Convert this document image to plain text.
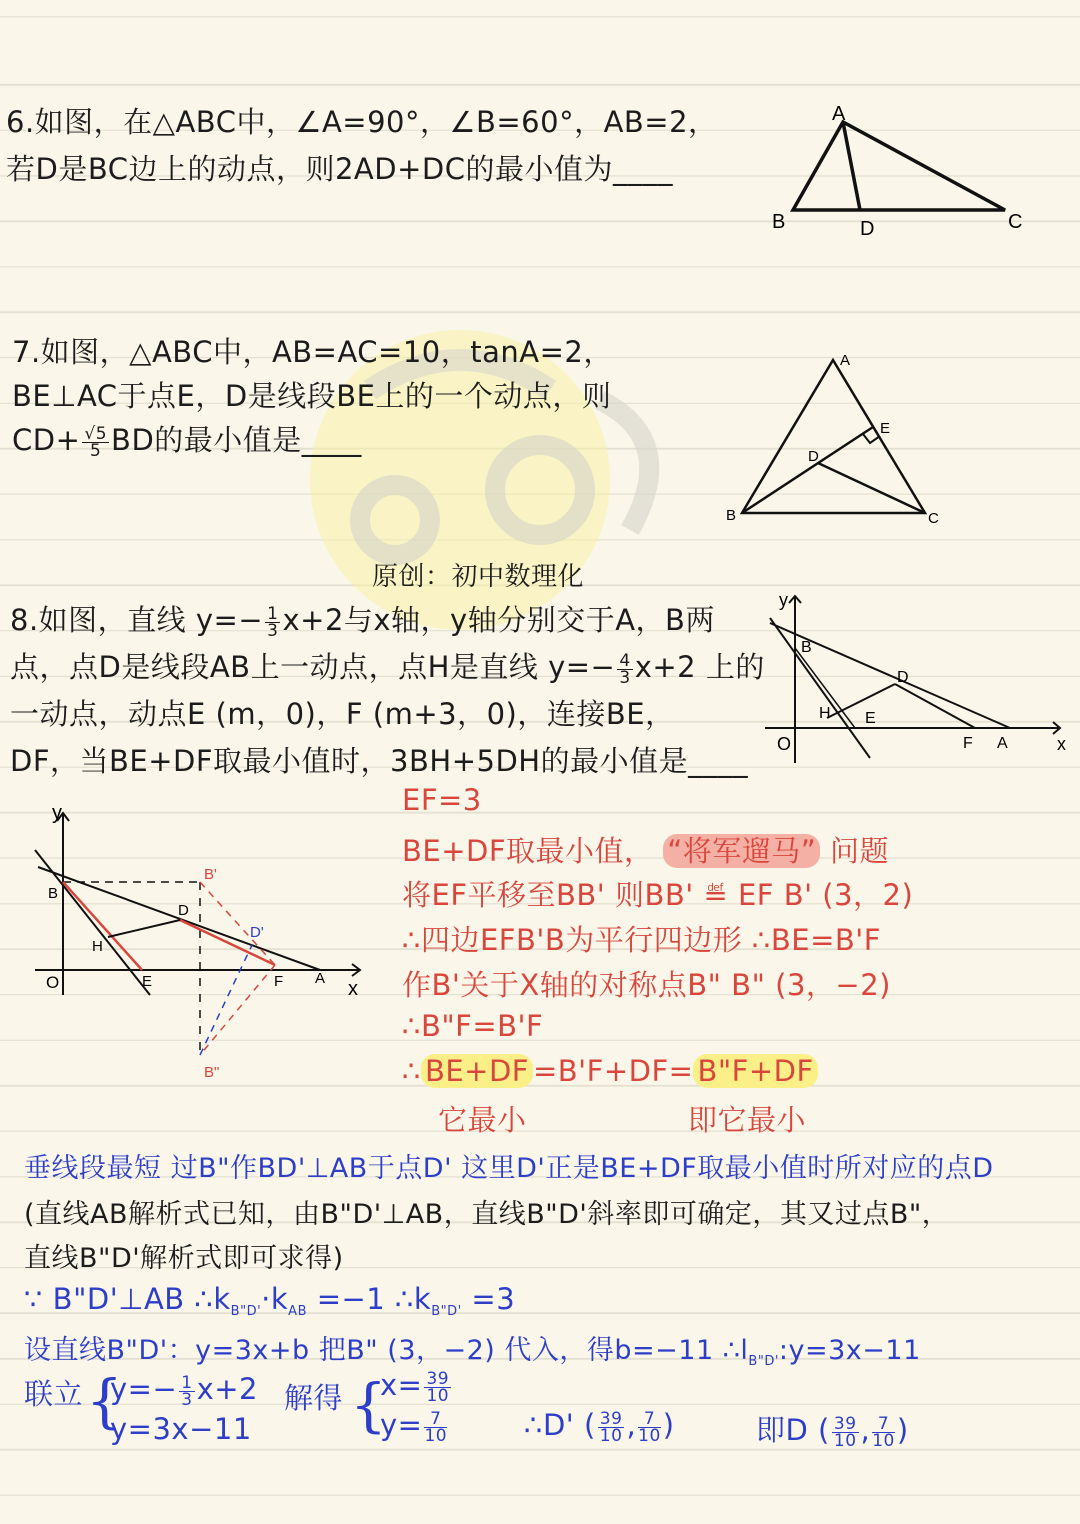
6.如图，在△ABC中，∠A=90°，∠B=60°，AB=2，
若D是BC边上的动点，则2AD+DC的最小值为____
A
B	D	C
7.如图，△ABC中，AB=AC=10，tanA=2，
BE⊥AC于点E，D是线段BE上的一个动点，则
$CD+ \frac{√5}{5}$ BD的最小值是____
A
E
D
B	C
原创：初中数理化
8.如图，直线 $y=- \frac{1}{3} x+2$与x轴，y轴分别交于A，B两
点，点D是线段AB上一动点，点H是直线 $y=- \frac{4}{3} x+2$ 上的
一动点，动点E (m，0)，F (m+3，0)，连接BE，
DF，当BE+DF取最小值时，3BH+5DH的最小值是____
y
x
O
B
D
H E
F A
y
x
O
B
D
H
E	F A
B'
D'
B"
EF=3
BE+DF取最小值， “将军遛马” 问题
将EF平移至BB' 则BB' ≝ EF B' (3，2)
∴四边EFB'B为平行四边形 ∴BE=B'F
作B'关于X轴的对称点B" B" (3，−2)
∴B"F=B'F
∴ BE+DF =B'F+DF= B"F+DF
它最小	即它最小
垂线段最短 过B"作BD'⊥AB于点D' 这里D'正是BE+DF取最小值时所对应的点D
(直线AB解析式已知，由B"D'⊥AB，直线B"D'斜率即可确定，其又过点B"，
直线B"D'解析式即可求得)
∵ B"D'⊥AB $\therefore k_{B"D'}\cdot k_{AB} =-1$ $\therefore k_{B"D'} =3$
设直线B"D'：y=3x+b 把B" (3，−2) 代入，得b=−11 $\therefore l_{B"D'}:y=3x-11$
联立 {
$y=- \frac{1}{3} x+2$
y=3x−11
解得 {
$x= \frac{39}{10}$
$y= \frac{7}{10}$	∴D' ( $\frac{39}{10}$ , $\frac{7}{10}$ )	即D ( $\frac{39}{10}$ , $\frac{7}{10}$ )
